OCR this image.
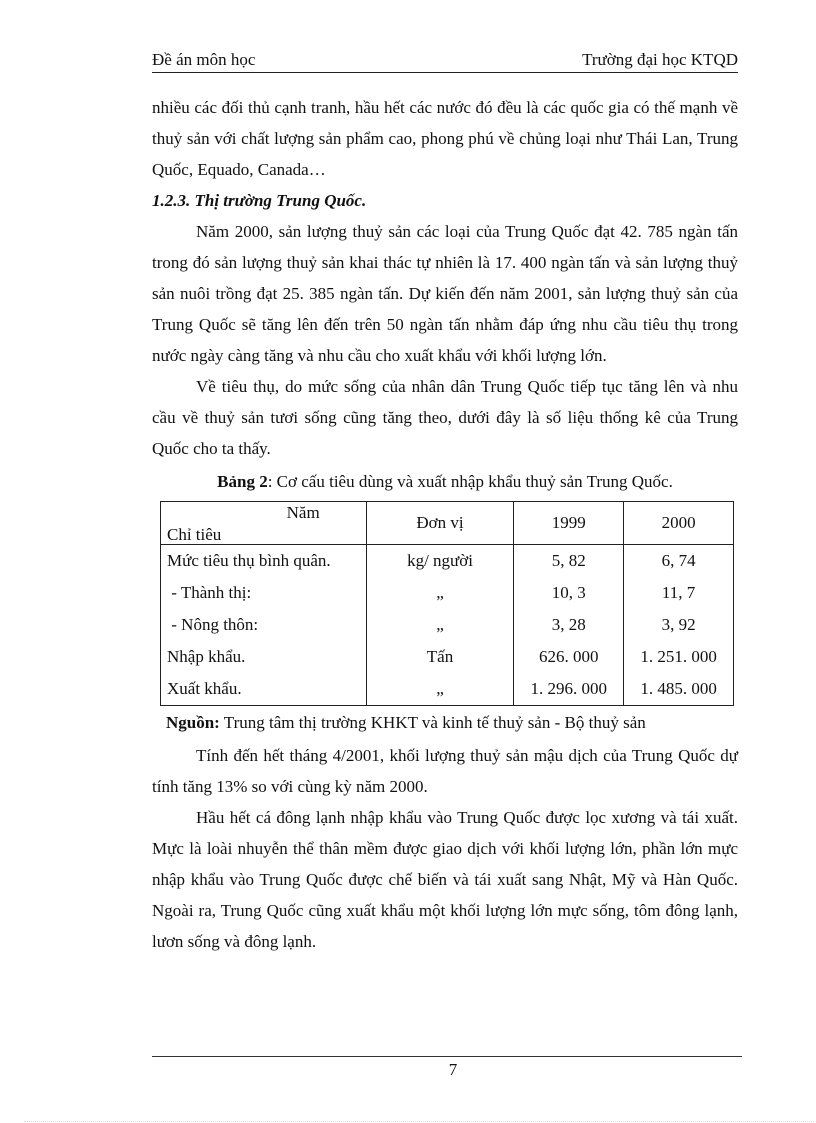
Đề án môn học	Trường đại học KTQD

nhiều các đối thủ cạnh tranh, hầu hết các nước đó đều là các quốc gia có thế mạnh về thuỷ sản với chất lượng sản phẩm cao, phong phú về chủng loại như Thái Lan, Trung Quốc, Equado, Canada…

1.2.3. Thị trường Trung Quốc.

Năm 2000, sản lượng thuỷ sản các loại của Trung Quốc đạt 42. 785 ngàn tấn trong đó sản lượng thuỷ sản khai thác tự nhiên là 17. 400 ngàn tấn và sản lượng thuỷ sản nuôi trồng đạt 25. 385 ngàn tấn. Dự kiến đến năm 2001, sản lượng thuỷ sản của Trung Quốc sẽ tăng lên đến trên 50 ngàn tấn nhằm đáp ứng nhu cầu tiêu thụ trong nước ngày càng tăng và nhu cầu cho xuất khẩu với khối lượng lớn.

Về tiêu thụ, do mức sống của nhân dân Trung Quốc tiếp tục tăng lên và nhu cầu về thuỷ sản tươi sống cũng tăng theo, dưới đây là số liệu thống kê của Trung Quốc cho ta thấy.

Bảng 2: Cơ cấu tiêu dùng và xuất nhập khẩu thuỷ sản Trung Quốc.
Năm
Chỉ tiêu	Đơn vị	1999	2000
Mức tiêu thụ bình quân.	kg/ người	5, 82	6, 74
- Thành thị:	„	10, 3	11, 7
- Nông thôn:	„	3, 28	3, 92
Nhập khẩu.	Tấn	626. 000	1. 251. 000
Xuất khẩu.	„	1. 296. 000	1. 485. 000
Nguồn: Trung tâm thị trường KHKT và kinh tế thuỷ sản - Bộ thuỷ sản

Tính đến hết tháng 4/2001, khối lượng thuỷ sản mậu dịch của Trung Quốc dự tính tăng 13% so với cùng kỳ năm 2000.

Hầu hết cá đông lạnh nhập khẩu vào Trung Quốc được lọc xương và tái xuất. Mực là loài nhuyễn thể thân mềm được giao dịch với khối lượng lớn, phần lớn mực nhập khẩu vào Trung Quốc được chế biến và tái xuất sang Nhật, Mỹ và Hàn Quốc. Ngoài ra, Trung Quốc cũng xuất khẩu một khối lượng lớn mực sống, tôm đông lạnh, lươn sống và đông lạnh.

7
